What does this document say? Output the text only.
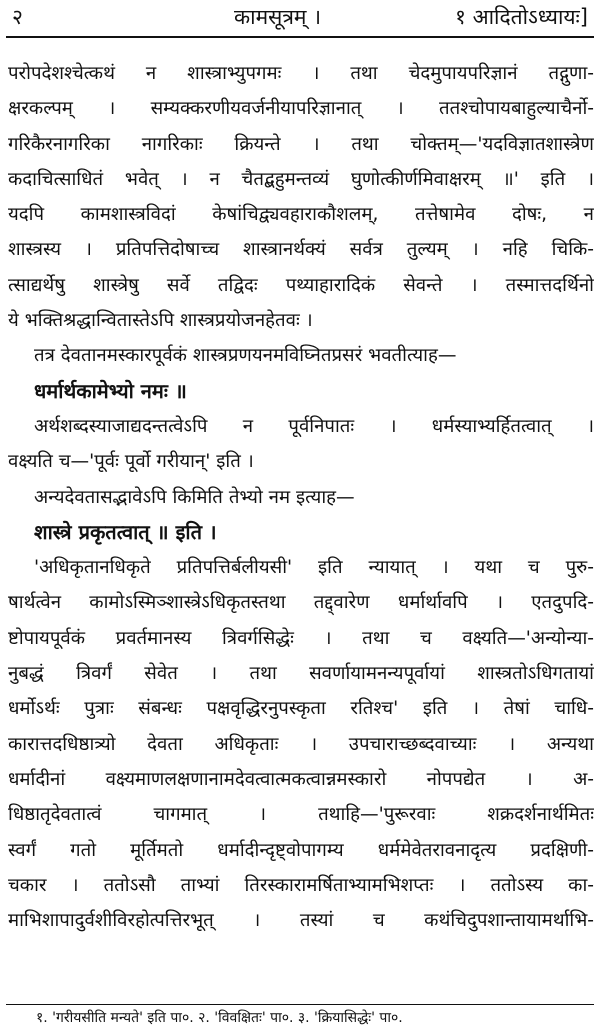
२	कामसूत्रम् ।	१ आदितोऽध्यायः]
परोपदेशश्चेत्कथं न शास्त्राभ्युपगमः । तथा चेदमुपायपरिज्ञानं तद्गुणा-
क्षरकल्पम् । सम्यक्करणीयवर्जनीयापरिज्ञानात् । ततश्चोपायबाहुल्याचैर्नो-
गरिकैरनागरिका नागरिकाः क्रियन्ते । तथा चोक्तम्—'यदविज्ञातशास्त्रेण
कदाचित्साधितं भवेत् । न चैतद्बहुमन्तव्यं घुणोत्कीर्णमिवाक्षरम् ॥' इति ।
यदपि कामशास्त्रविदां केषांचिद्व्यवहाराकौशलम्, तत्तेषामेव दोषः, न
शास्त्रस्य । प्रतिपत्तिदोषाच्च शास्त्रानर्थक्यं सर्वत्र तुल्यम् । नहि चिकि-
त्साद्यर्थेषु शास्त्रेषु सर्वे तद्विदः पथ्याहारादिकं सेवन्ते । तस्मात्तदर्थिनो
ये भक्तिश्रद्धान्वितास्तेऽपि शास्त्रप्रयोजनहेतवः ।
तत्र देवतानमस्कारपूर्वकं शास्त्रप्रणयनमविघ्नितप्रसरं भवतीत्याह—
धर्मार्थकामेभ्यो नमः ॥
अर्थशब्दस्याजाद्यदन्तत्वेऽपि न पूर्वनिपातः । धर्मस्याभ्यर्हितत्वात् ।
वक्ष्यति च—'पूर्वः पूर्वो गरीयान्' इति ।
अन्यदेवतासद्भावेऽपि किमिति तेभ्यो नम इत्याह—
शास्त्रे प्रकृतत्वात् ॥ इति ।
'अधिकृतानधिकृते प्रतिपत्तिर्बलीयसी' इति न्यायात् । यथा च पुरु-
षार्थत्वेन कामोऽस्मिञ्शास्त्रेऽधिकृतस्तथा तद्द्वारेण धर्मार्थावपि । एतदुपदि-
ष्टोपायपूर्वकं प्रवर्तमानस्य त्रिवर्गसिद्धेः । तथा च वक्ष्यति—'अन्योन्या-
नुबद्धं त्रिवर्गं सेवेत । तथा सवर्णायामनन्यपूर्वायां शास्त्रतोऽधिगतायां
धर्मोऽर्थः पुत्राः संबन्धः पक्षवृद्धिरनुपस्कृता रतिश्च' इति । तेषां चाधि-
कारात्तदधिष्ठात्र्यो देवता अधिकृताः । उपचाराच्छब्दवाच्याः । अन्यथा
धर्मादीनां वक्ष्यमाणलक्षणानामदेवत्वात्मकत्वान्नमस्कारो नोपपद्येत । अ-
धिष्ठातृदेवतात्वं चागमात् । तथाहि—'पुरूरवाः शक्रदर्शनार्थमितः
स्वर्गं गतो मूर्तिमतो धर्मादीन्दृष्ट्वोपागम्य धर्ममेवेतरावनादृत्य प्रदक्षिणी-
चकार । ततोऽसौ ताभ्यां तिरस्कारामर्षिताभ्यामभिशप्तः । ततोऽस्य का-
माभिशापादुर्वशीविरहोत्पत्तिरभूत् । तस्यां च कथंचिदुपशान्तायामर्थाभि-
१. 'गरीयसीति मन्यते' इति पा०. २. 'विवक्षितः' पा०. ३. 'क्रियासिद्धेः' पा०.
